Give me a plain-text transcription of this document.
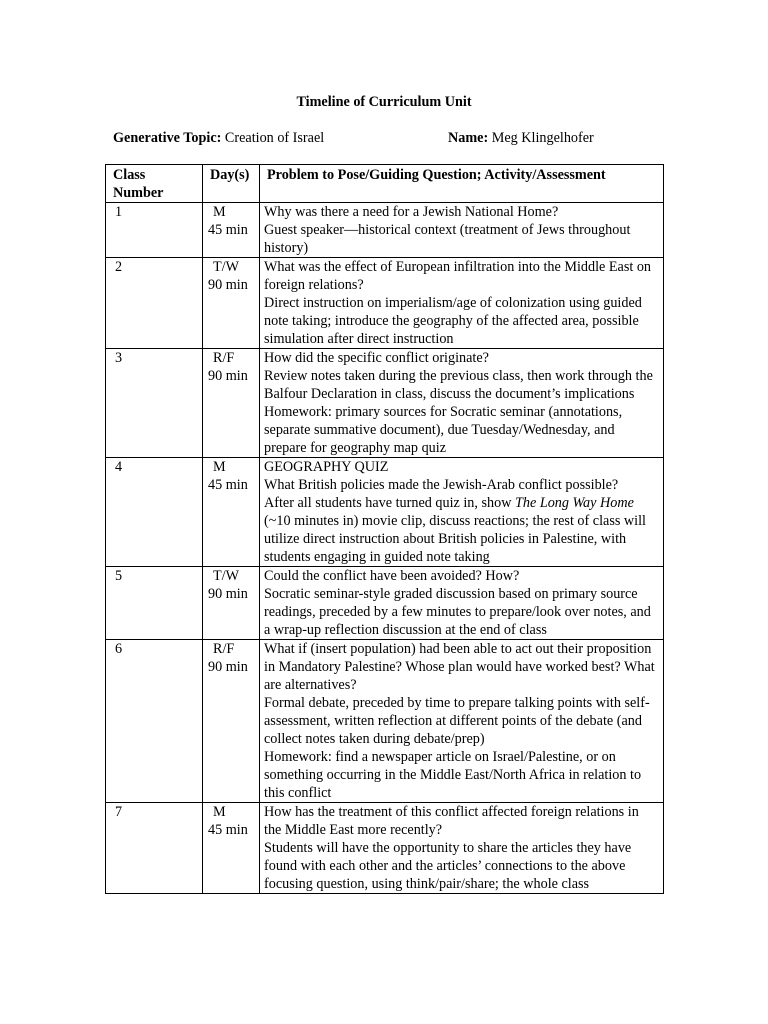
Timeline of Curriculum Unit
Generative Topic: Creation of Israel	Name: Meg Klingelhofer
Class Number	Day(s)	Problem to Pose/Guiding Question; Activity/Assessment
1	M
45 min	Why was there a need for a Jewish National Home?
Guest speaker—historical context (treatment of Jews throughout history)

2	T/W
90 min	What was the effect of European infiltration into the Middle East on foreign relations?
Direct instruction on imperialism/age of colonization using guided note taking; introduce the geography of the affected area, possible simulation after direct instruction

3	R/F
90 min	How did the specific conflict originate?
Review notes taken during the previous class, then work through the Balfour Declaration in class, discuss the document’s implications
Homework: primary sources for Socratic seminar (annotations, separate summative document), due Tuesday/Wednesday, and prepare for geography map quiz

4	M
45 min	GEOGRAPHY QUIZ
What British policies made the Jewish-Arab conflict possible?
After all students have turned quiz in, show The Long Way Home (~10 minutes in) movie clip, discuss reactions; the rest of class will utilize direct instruction about British policies in Palestine, with students engaging in guided note taking

5	T/W
90 min	Could the conflict have been avoided? How?
Socratic seminar-style graded discussion based on primary source readings, preceded by a few minutes to prepare/look over notes, and a wrap-up reflection discussion at the end of class

6	R/F
90 min	What if (insert population) had been able to act out their proposition in Mandatory Palestine? Whose plan would have worked best? What are alternatives?
Formal debate, preceded by time to prepare talking points with self-assessment, written reflection at different points of the debate (and collect notes taken during debate/prep)
Homework: find a newspaper article on Israel/Palestine, or on something occurring in the Middle East/North Africa in relation to this conflict

7	M
45 min	How has the treatment of this conflict affected foreign relations in the Middle East more recently?
Students will have the opportunity to share the articles they have found with each other and the articles’ connections to the above focusing question, using think/pair/share; the whole class
